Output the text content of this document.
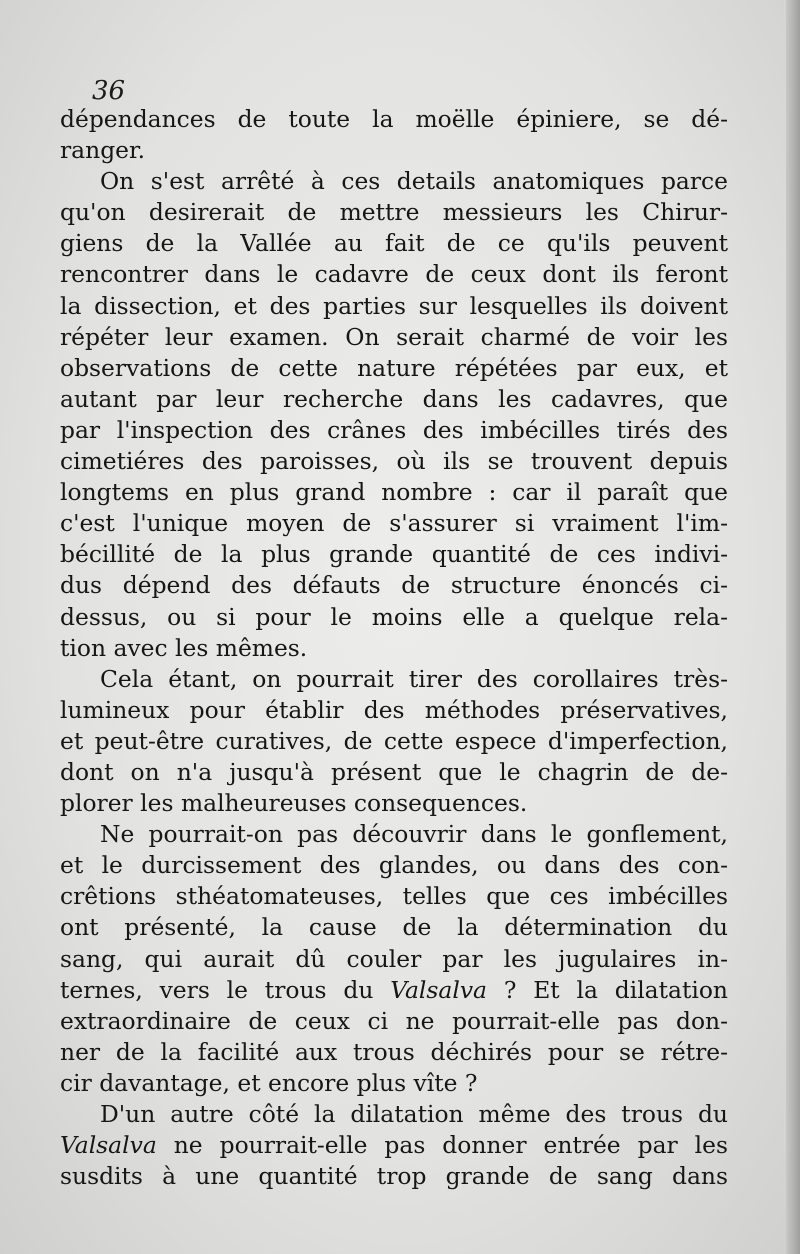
36
dépendances de toute la moëlle épiniere, se dé-
ranger.
On s'est arrêté à ces details anatomiques parce
qu'on desirerait de mettre messieurs les Chirur-
giens de la Vallée au fait de ce qu'ils peuvent
rencontrer dans le cadavre de ceux dont ils feront
la dissection, et des parties sur lesquelles ils doivent
répéter leur examen. On serait charmé de voir les
observations de cette nature répétées par eux, et
autant par leur recherche dans les cadavres, que
par l'inspection des crânes des imbécilles tirés des
cimetiéres des paroisses, où ils se trouvent depuis
longtems en plus grand nombre : car il paraît que
c'est l'unique moyen de s'assurer si vraiment l'im-
bécillité de la plus grande quantité de ces indivi-
dus dépend des défauts de structure énoncés ci-
dessus, ou si pour le moins elle a quelque rela-
tion avec les mêmes.
Cela étant, on pourrait tirer des corollaires très-
lumineux pour établir des méthodes préservatives,
et peut-être curatives, de cette espece d'imperfection,
dont on n'a jusqu'à présent que le chagrin de de-
plorer les malheureuses consequences.
Ne pourrait-on pas découvrir dans le gonflement,
et le durcissement des glandes, ou dans des con-
crêtions sthéatomateuses, telles que ces imbécilles
ont présenté, la cause de la détermination du
sang, qui aurait dû couler par les jugulaires in-
ternes, vers le trous du Valsalva ? Et la dilatation
extraordinaire de ceux ci ne pourrait-elle pas don-
ner de la facilité aux trous déchirés pour se rétre-
cir davantage, et encore plus vîte ?
D'un autre côté la dilatation même des trous du
Valsalva ne pourrait-elle pas donner entrée par les
susdits à une quantité trop grande de sang dans
